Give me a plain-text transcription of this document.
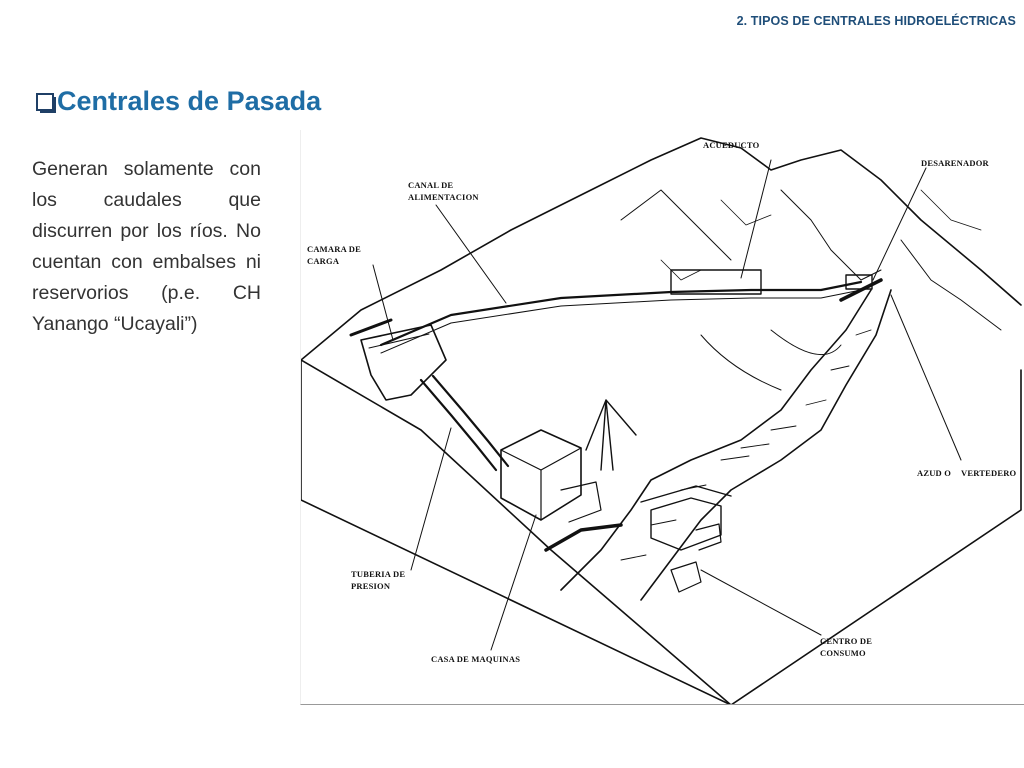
2. TIPOS DE CENTRALES HIDROELÉCTRICAS
Centrales de Pasada

Generan solamente con los caudales que discurren por los ríos. No cuentan con embalses ni reservorios (p.e. CH Yanango “Ucayali”)

ACUEDUCTO
DESARENADOR
CANAL DE
ALIMENTACION
CAMARA DE
CARGA
AZUD O VERTEDERO
TUBERIA DE
PRESION
CENTRO DE
CONSUMO
CASA DE MAQUINAS
